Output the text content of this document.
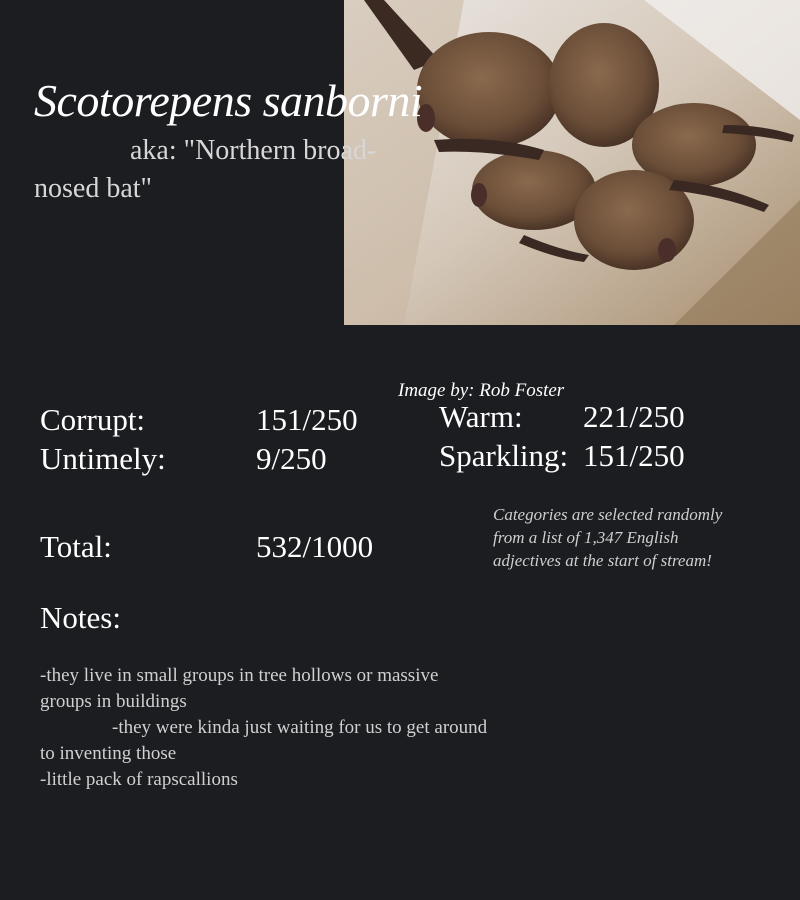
Scotorepens sanborni
aka: "Northern broad-nosed bat"
Image by: Rob Foster
Corrupt:	151/250
Untimely:	9/250
Warm: 221/250
Sparkling: 151/250
Total:	532/1000
Categories are selected randomly from a list of 1,347 English adjectives at the start of stream!
Notes:

-they live in small groups in tree hollows or massive groups in buildings

-they were kinda just waiting for us to get around to inventing those

-little pack of rapscallions
